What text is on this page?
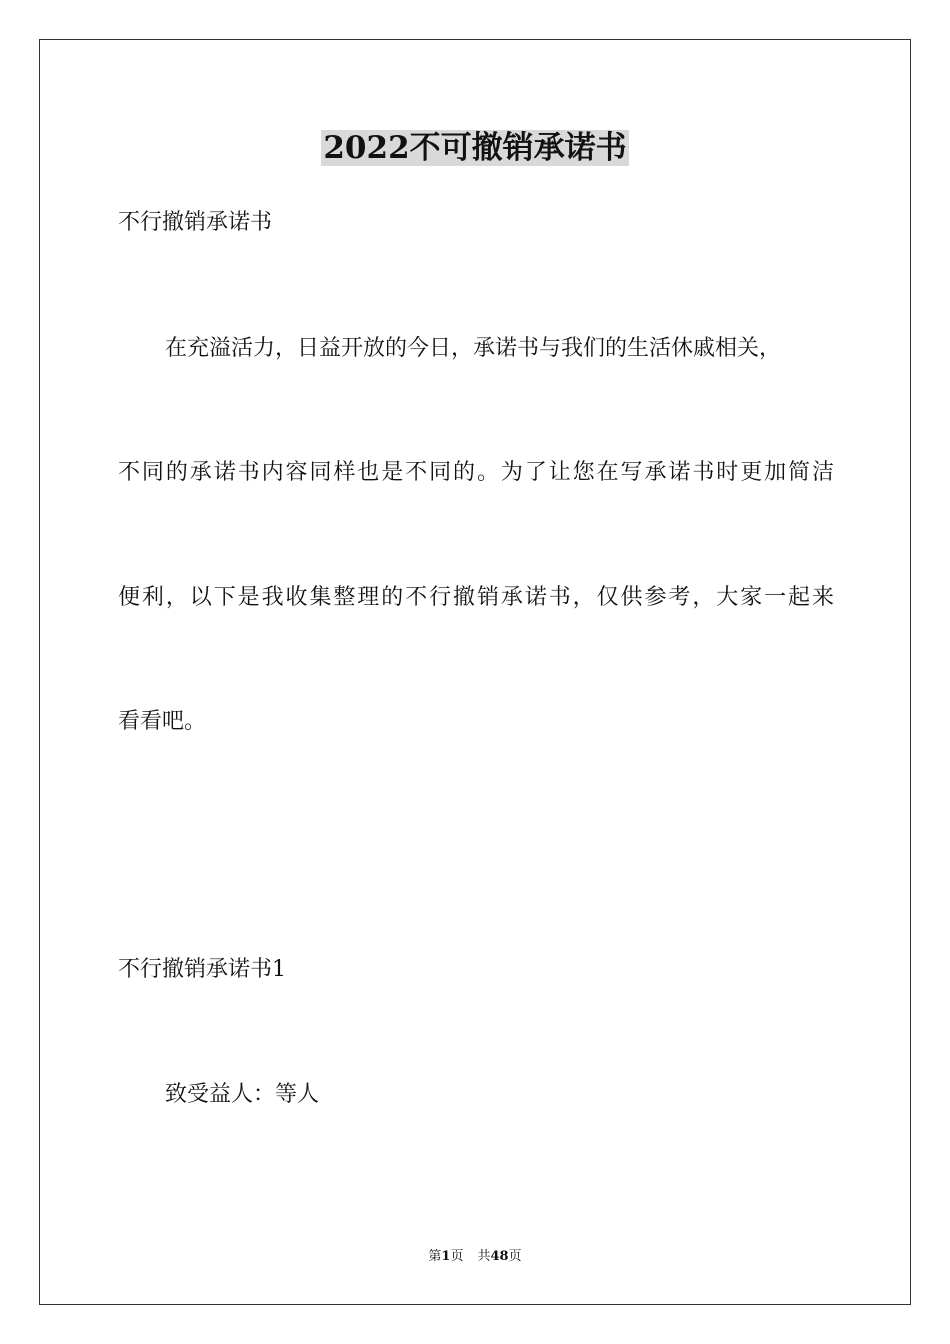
2022不可撤销承诺书
不行撤销承诺书
在充溢活力，日益开放的今日，承诺书与我们的生活休戚相关，
不同的承诺书内容同样也是不同的。为了让您在写承诺书时更加简洁
便利，以下是我收集整理的不行撤销承诺书，仅供参考，大家一起来
看看吧。
不行撤销承诺书1
致受益人：等人
第1页 共48页
